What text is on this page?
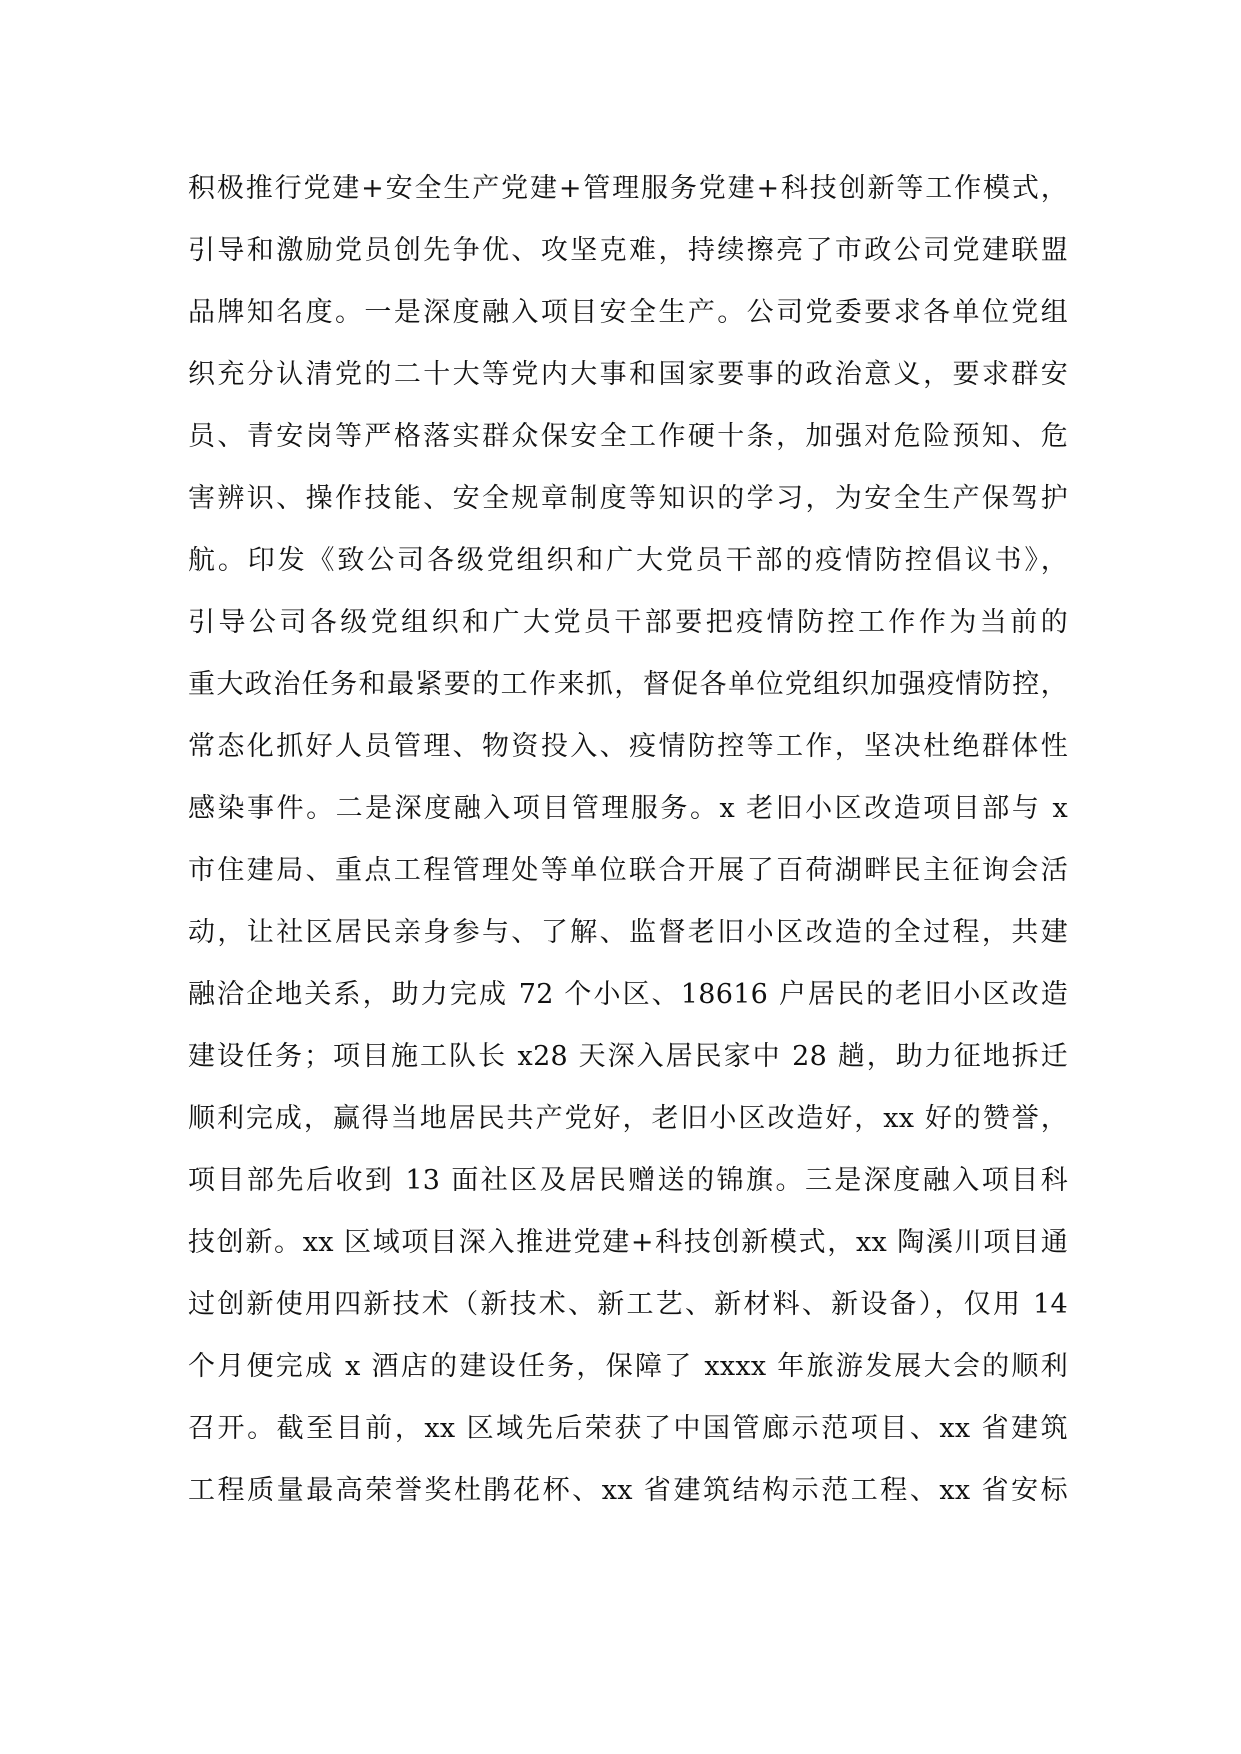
积极推行党建+安全生产党建+管理服务党建+科技创新等工作模式，
引导和激励党员创先争优、攻坚克难，持续擦亮了市政公司党建联盟
品牌知名度。一是深度融入项目安全生产。公司党委要求各单位党组
织充分认清党的二十大等党内大事和国家要事的政治意义，要求群安
员、青安岗等严格落实群众保安全工作硬十条，加强对危险预知、危
害辨识、操作技能、安全规章制度等知识的学习，为安全生产保驾护
航。印发《致公司各级党组织和广大党员干部的疫情防控倡议书》，
引导公司各级党组织和广大党员干部要把疫情防控工作作为当前的
重大政治任务和最紧要的工作来抓，督促各单位党组织加强疫情防控，
常态化抓好人员管理、物资投入、疫情防控等工作，坚决杜绝群体性
感染事件。二是深度融入项目管理服务。x 老旧小区改造项目部与 x
市住建局、重点工程管理处等单位联合开展了百荷湖畔民主征询会活
动，让社区居民亲身参与、了解、监督老旧小区改造的全过程，共建
融洽企地关系，助力完成 72 个小区、18616 户居民的老旧小区改造
建设任务；项目施工队长 x28 天深入居民家中 28 趟，助力征地拆迁
顺利完成，赢得当地居民共产党好，老旧小区改造好，xx 好的赞誉，
项目部先后收到 13 面社区及居民赠送的锦旗。三是深度融入项目科
技创新。xx 区域项目深入推进党建+科技创新模式，xx 陶溪川项目通
过创新使用四新技术（新技术、新工艺、新材料、新设备），仅用 14
个月便完成 x 酒店的建设任务，保障了 xxxx 年旅游发展大会的顺利
召开。截至目前，xx 区域先后荣获了中国管廊示范项目、xx 省建筑
工程质量最高荣誉奖杜鹃花杯、xx 省建筑结构示范工程、xx 省安标
